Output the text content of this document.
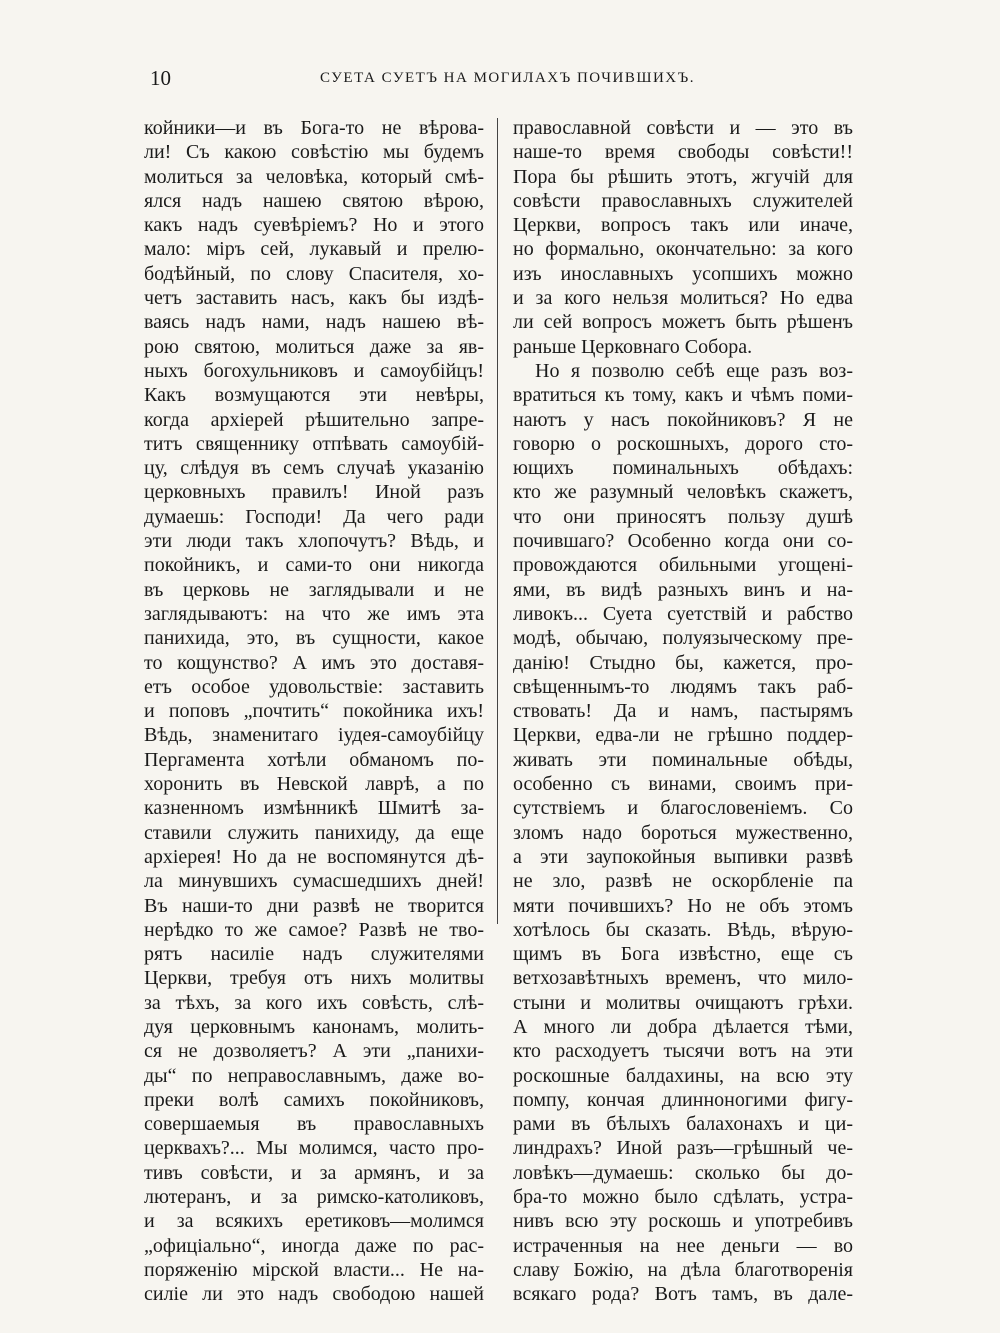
10	СУЕТА СУЕТЪ НА МОГИЛАХЪ ПОЧИВШИХЪ.
койники—и въ Бога-то не вѣрова-
ли! Съ какою совѣстію мы будемъ
молиться за человѣка, который смѣ-
ялся надъ нашею святою вѣрою,
какъ надъ суевѣріемъ? Но и этого
мало: міръ сей, лукавый и прелю-
бодѣйный, по слову Спасителя, хо-
четъ заставить насъ, какъ бы издѣ-
ваясь надъ нами, надъ нашею вѣ-
рою святою, молиться даже за яв-
ныхъ богохульниковъ и самоубійцъ!
Какъ возмущаются эти невѣры,
когда архіерей рѣшительно запре-
титъ священнику отпѣвать самоубій-
цу, слѣдуя въ семъ случаѣ указанію
церковныхъ правилъ! Иной разъ
думаешь: Господи! Да чего ради
эти люди такъ хлопочутъ? Вѣдь, и
покойникъ, и сами-то они никогда
въ церковь не заглядывали и не
заглядываютъ: на что же имъ эта
панихида, это, въ сущности, какое
то кощунство? А имъ это доставя-
етъ особое удовольствіе: заставить
и поповъ „почтить“ покойника ихъ!
Вѣдь, знаменитаго іудея-самоубійцу
Пергамента хотѣли обманомъ по-
хоронить въ Невской лаврѣ, а по
казненномъ измѣнникѣ Шмитѣ за-
ставили служить панихиду, да еще
архіерея! Но да не воспомянутся дѣ-
ла минувшихъ сумасшедшихъ дней!
Въ наши-то дни развѣ не творится
нерѣдко то же самое? Развѣ не тво-
рятъ насиліе надъ служителями
Церкви, требуя отъ нихъ молитвы
за тѣхъ, за кого ихъ совѣсть, слѣ-
дуя церковнымъ канонамъ, молить-
ся не дозволяетъ? А эти „панихи-
ды“ по неправославнымъ, даже во-
преки волѣ самихъ покойниковъ,
совершаемыя въ православныхъ
церквахъ?... Мы молимся, часто про-
тивъ совѣсти, и за армянъ, и за
лютеранъ, и за римско-католиковъ,
и за всякихъ еретиковъ—молимся
„офиціально“, иногда даже по рас-
поряженію мірской власти... Не на-
силіе ли это надъ свободою нашей
православной совѣсти и — это въ
наше-то время свободы совѣсти!!
Пора бы рѣшить этотъ, жгучій для
совѣсти православныхъ служителей
Церкви, вопросъ такъ или иначе,
но формально, окончательно: за кого
изъ инославныхъ усопшихъ можно
и за кого нельзя молиться? Но едва
ли сей вопросъ можетъ быть рѣшенъ
раньше Церковнаго Собора.
Но я позволю себѣ еще разъ воз-
вратиться къ тому, какъ и чѣмъ поми-
наютъ у насъ покойниковъ? Я не
говорю о роскошныхъ, дорого сто-
ющихъ поминальныхъ обѣдахъ:
кто же разумный человѣкъ скажетъ,
что они приносятъ пользу душѣ
почившаго? Особенно когда они со-
провождаются обильными угощені-
ями, въ видѣ разныхъ винъ и на-
ливокъ... Суета суетствій и рабство
модѣ, обычаю, полуязыческому пре-
данію! Стыдно бы, кажется, про-
свѣщеннымъ-то людямъ такъ раб-
ствовать! Да и намъ, пастырямъ
Церкви, едва-ли не грѣшно поддер-
живать эти поминальные обѣды,
особенно съ винами, своимъ при-
сутствіемъ и благословеніемъ. Со
зломъ надо бороться мужественно,
а эти заупокойныя выпивки развѣ
не зло, развѣ не оскорбленіе па
мяти почившихъ? Но не объ этомъ
хотѣлось бы сказать. Вѣдь, вѣрую-
щимъ въ Бога извѣстно, еще съ
ветхозавѣтныхъ временъ, что мило-
стыни и молитвы очищаютъ грѣхи.
А много ли добра дѣлается тѣми,
кто расходуетъ тысячи вотъ на эти
роскошные балдахины, на всю эту
помпу, кончая длинноногими фигу-
рами въ бѣлыхъ балахонахъ и ци-
линдрахъ? Иной разъ—грѣшный че-
ловѣкъ—думаешь: сколько бы до-
бра-то можно было сдѣлать, устра-
нивъ всю эту роскошь и употребивъ
истраченныя на нее деньги — во
славу Божію, на дѣла благотворенія
всякаго рода? Вотъ тамъ, въ дале-
